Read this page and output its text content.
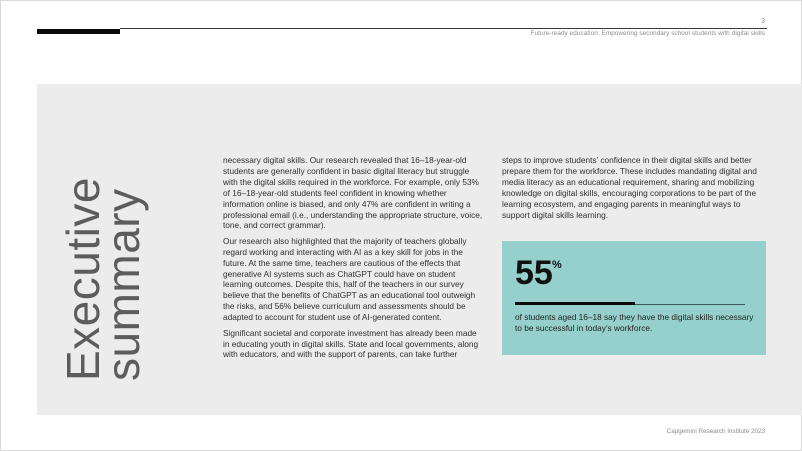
3
Future-ready education: Empowering secondary school students with digital skills
Executive
summary

necessary digital skills. Our research revealed that 16–18-year-old students are generally confident in basic digital literacy but struggle with the digital skills required in the workforce. For example, only 53% of 16–18-year-old students feel confident in knowing whether information online is biased, and only 47% are confident in writing a professional email (i.e., understanding the appropriate structure, voice, tone, and correct grammar).

Our research also highlighted that the majority of teachers globally regard working and interacting with AI as a key skill for jobs in the future. At the same time, teachers are cautious of the effects that generative AI systems such as ChatGPT could have on student learning outcomes. Despite this, half of the teachers in our survey believe that the benefits of ChatGPT as an educational tool outweigh the risks, and 56% believe curriculum and assessments should be adapted to account for student use of AI-generated content.

Significant societal and corporate investment has already been made in educating youth in digital skills. State and local governments, along with educators, and with the support of parents, can take further

steps to improve students’ confidence in their digital skills and better prepare them for the workforce. These includes mandating digital and media literacy as an educational requirement, sharing and mobilizing knowledge on digital skills, encouraging corporations to be part of the learning ecosystem, and engaging parents in meaningful ways to support digital skills learning.

55 %
of students aged 16–18 say they have the digital skills necessary to be successful in today’s workforce.
Capgemini Research Institute 2023
